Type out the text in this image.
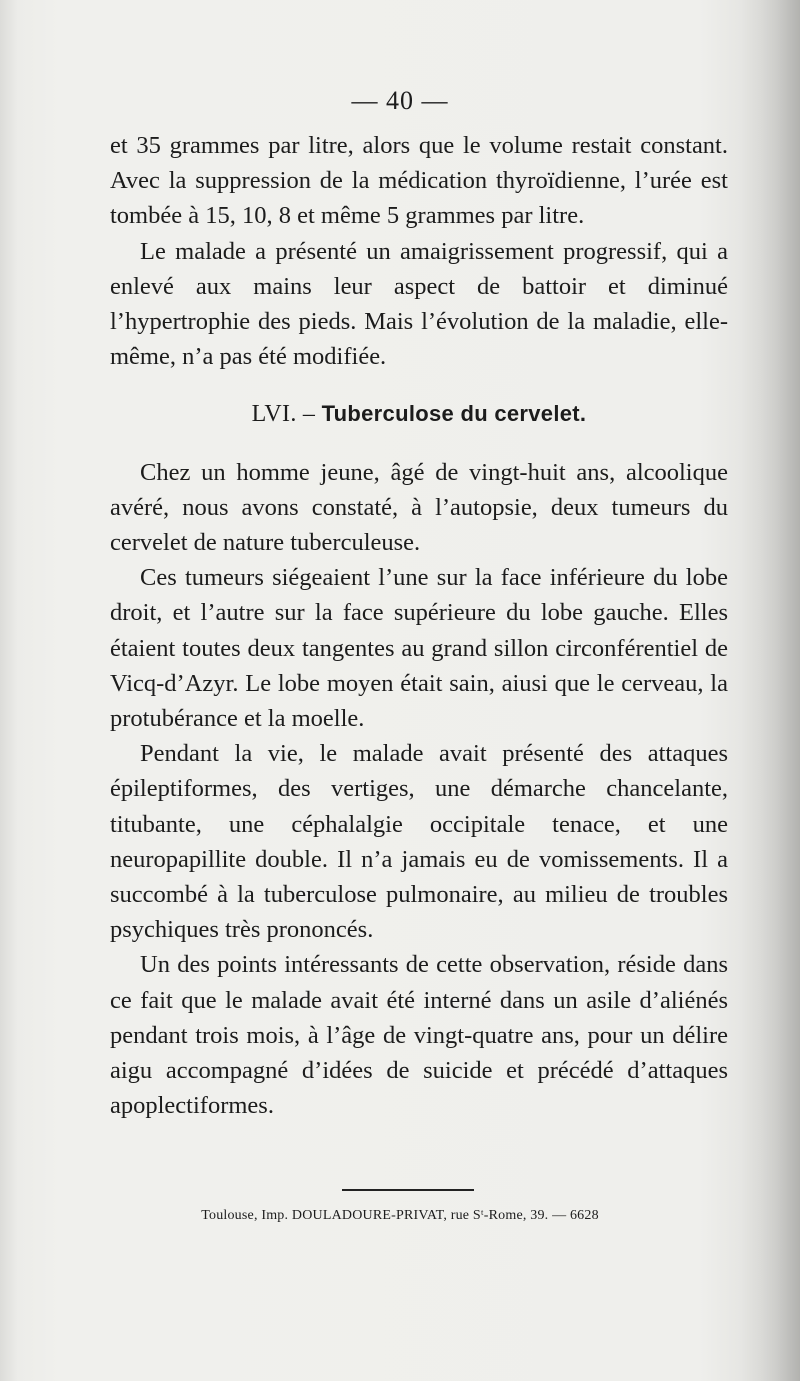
— 40 —

et 35 grammes par litre, alors que le volume restait constant. Avec la suppression de la médication thyroïdienne, l’urée est tombée à 15, 10, 8 et même 5 grammes par litre.

Le malade a présenté un amaigrissement progressif, qui a enlevé aux mains leur aspect de battoir et diminué l’hypertrophie des pieds. Mais l’évolution de la maladie, elle-même, n’a pas été modifiée.

LVI. – Tuberculose du cervelet.

Chez un homme jeune, âgé de vingt-huit ans, alcoolique avéré, nous avons constaté, à l’autopsie, deux tumeurs du cervelet de nature tuberculeuse.

Ces tumeurs siégeaient l’une sur la face inférieure du lobe droit, et l’autre sur la face supérieure du lobe gauche. Elles étaient toutes deux tangentes au grand sillon circonférentiel de Vicq-d’Azyr. Le lobe moyen était sain, aiusi que le cerveau, la protubérance et la moelle.

Pendant la vie, le malade avait présenté des attaques épileptiformes, des vertiges, une démarche chancelante, titubante, une céphalalgie occipitale tenace, et une neuropapillite double. Il n’a jamais eu de vomissements. Il a succombé à la tuberculose pulmonaire, au milieu de troubles psychiques très prononcés.

Un des points intéressants de cette observation, réside dans ce fait que le malade avait été interné dans un asile d’aliénés pendant trois mois, à l’âge de vingt-quatre ans, pour un délire aigu accompagné d’idées de suicide et précédé d’attaques apoplectiformes.

Toulouse, Imp. DOULADOURE-PRIVAT, rue Sᵗ-Rome, 39. — 6628
